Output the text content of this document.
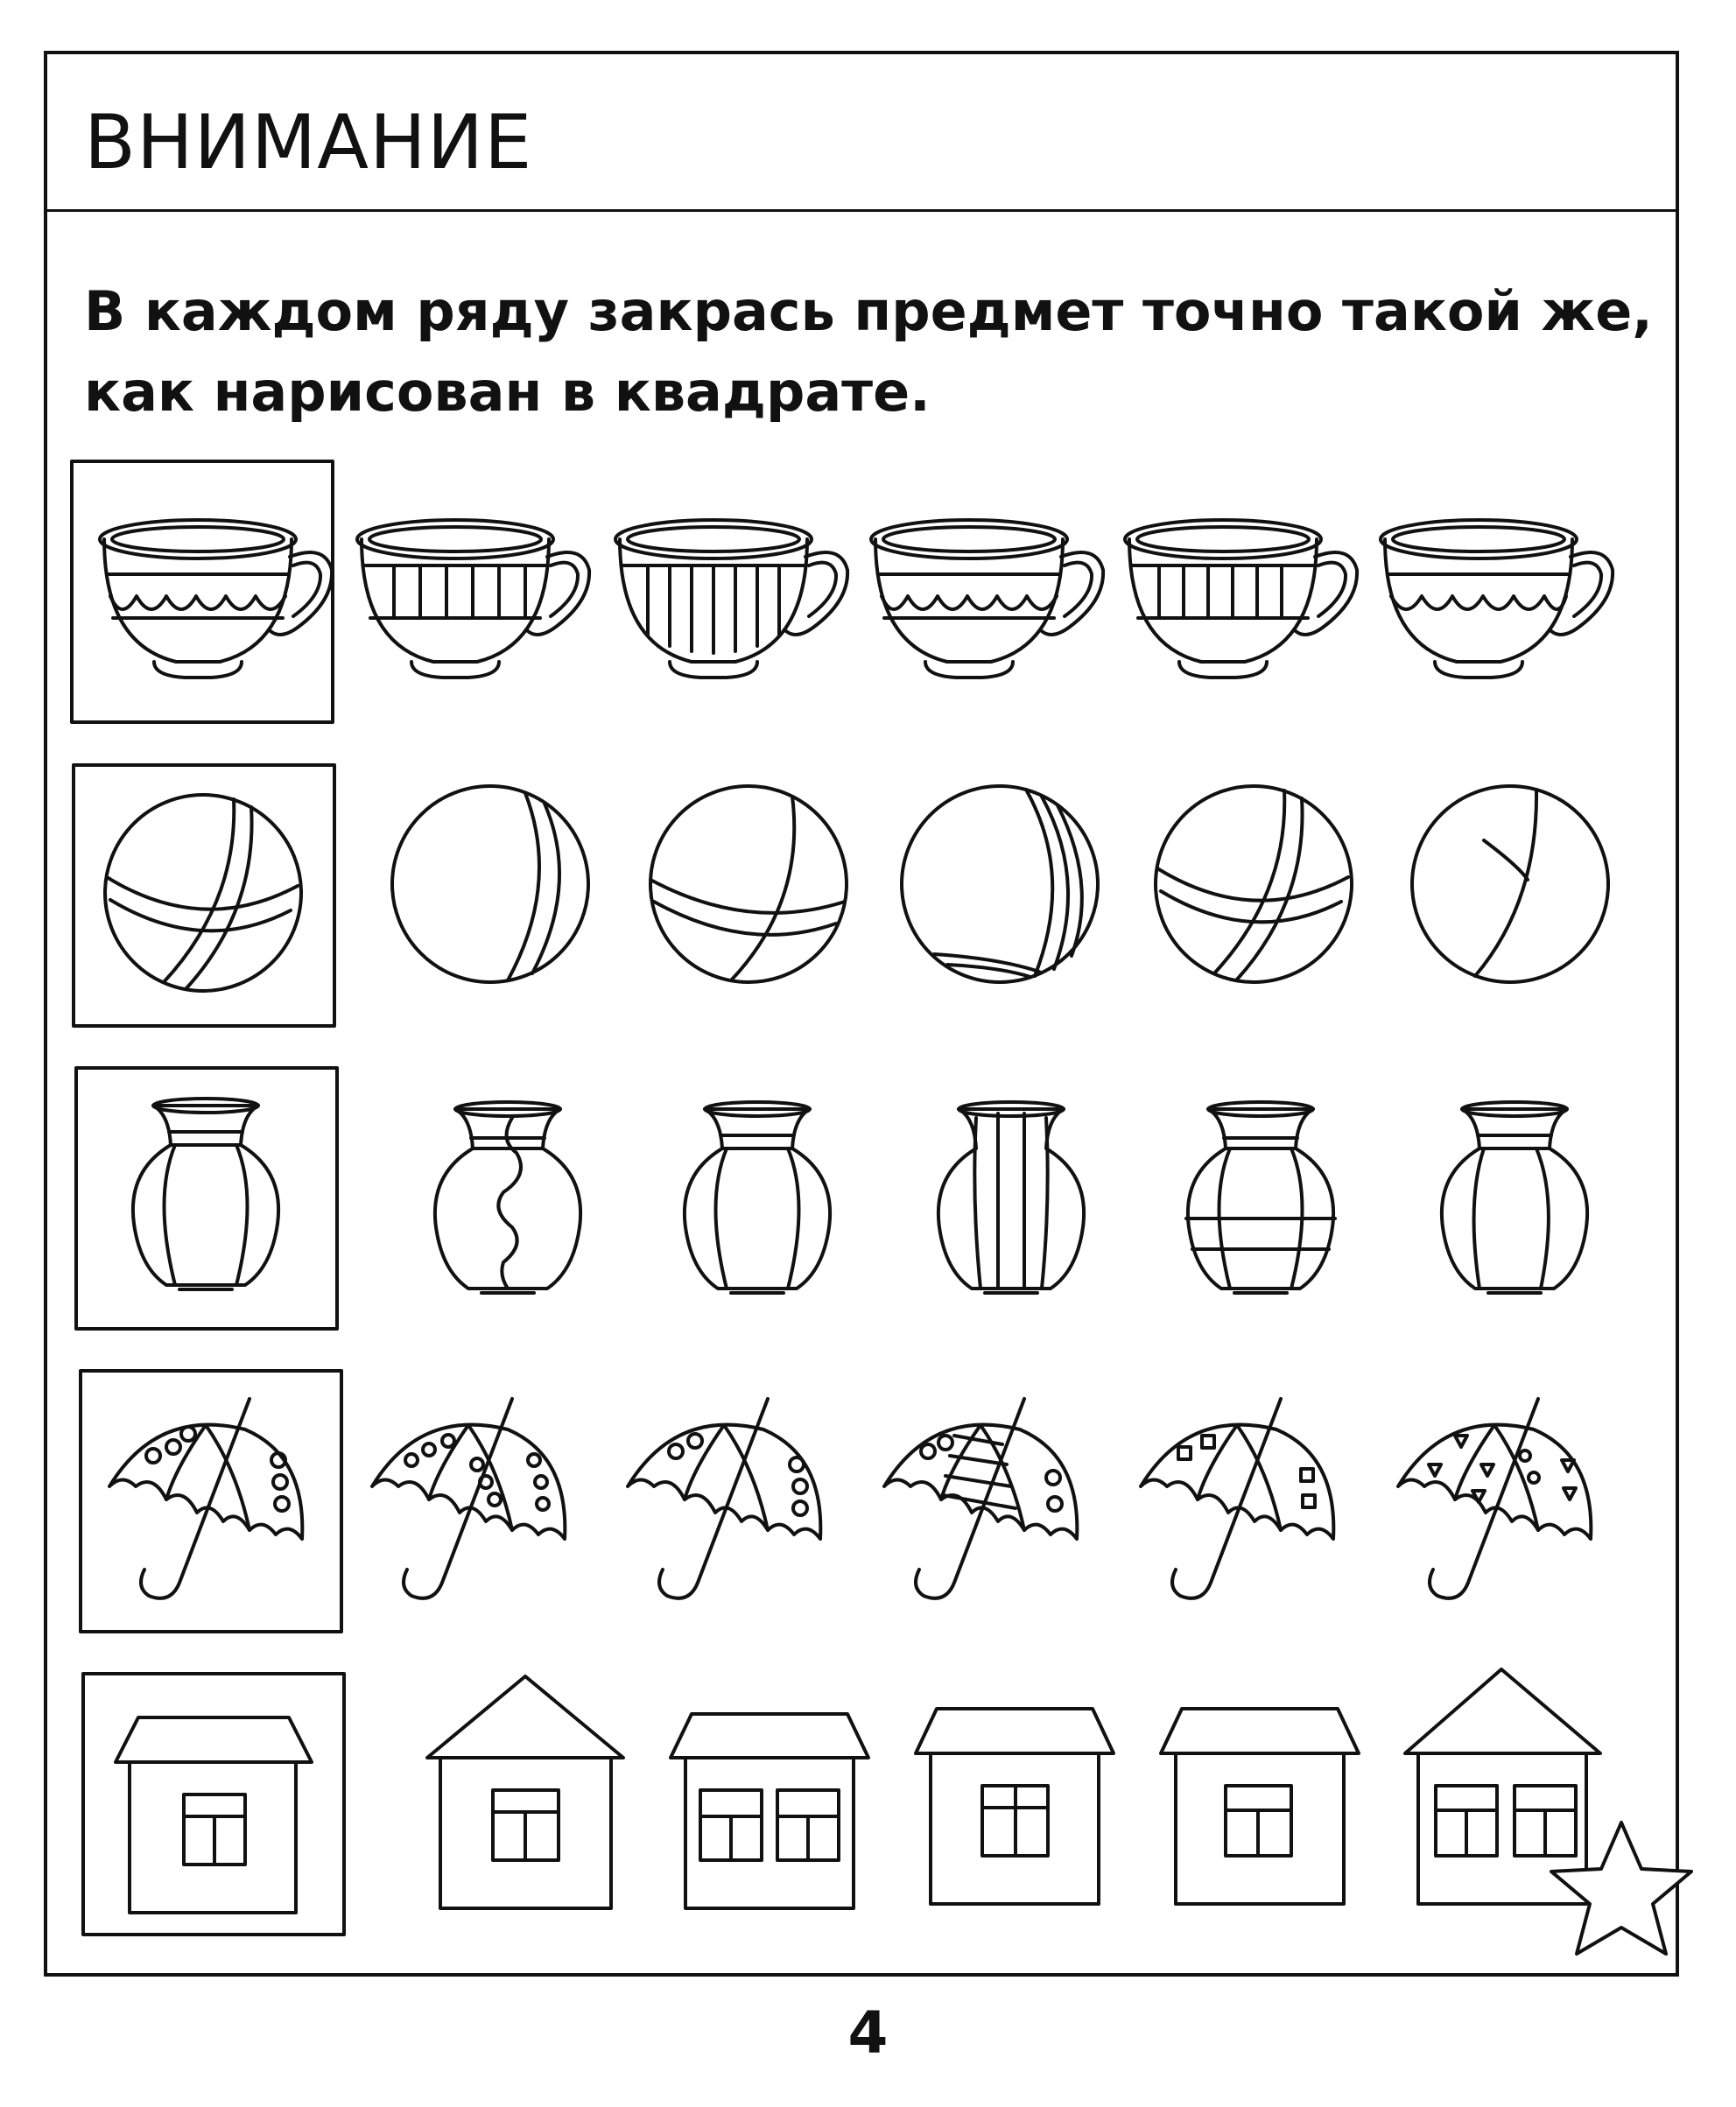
ВНИМАНИЕ
В каждом ряду закрась предмет точно такой же,
как нарисован в квадрате.
4
